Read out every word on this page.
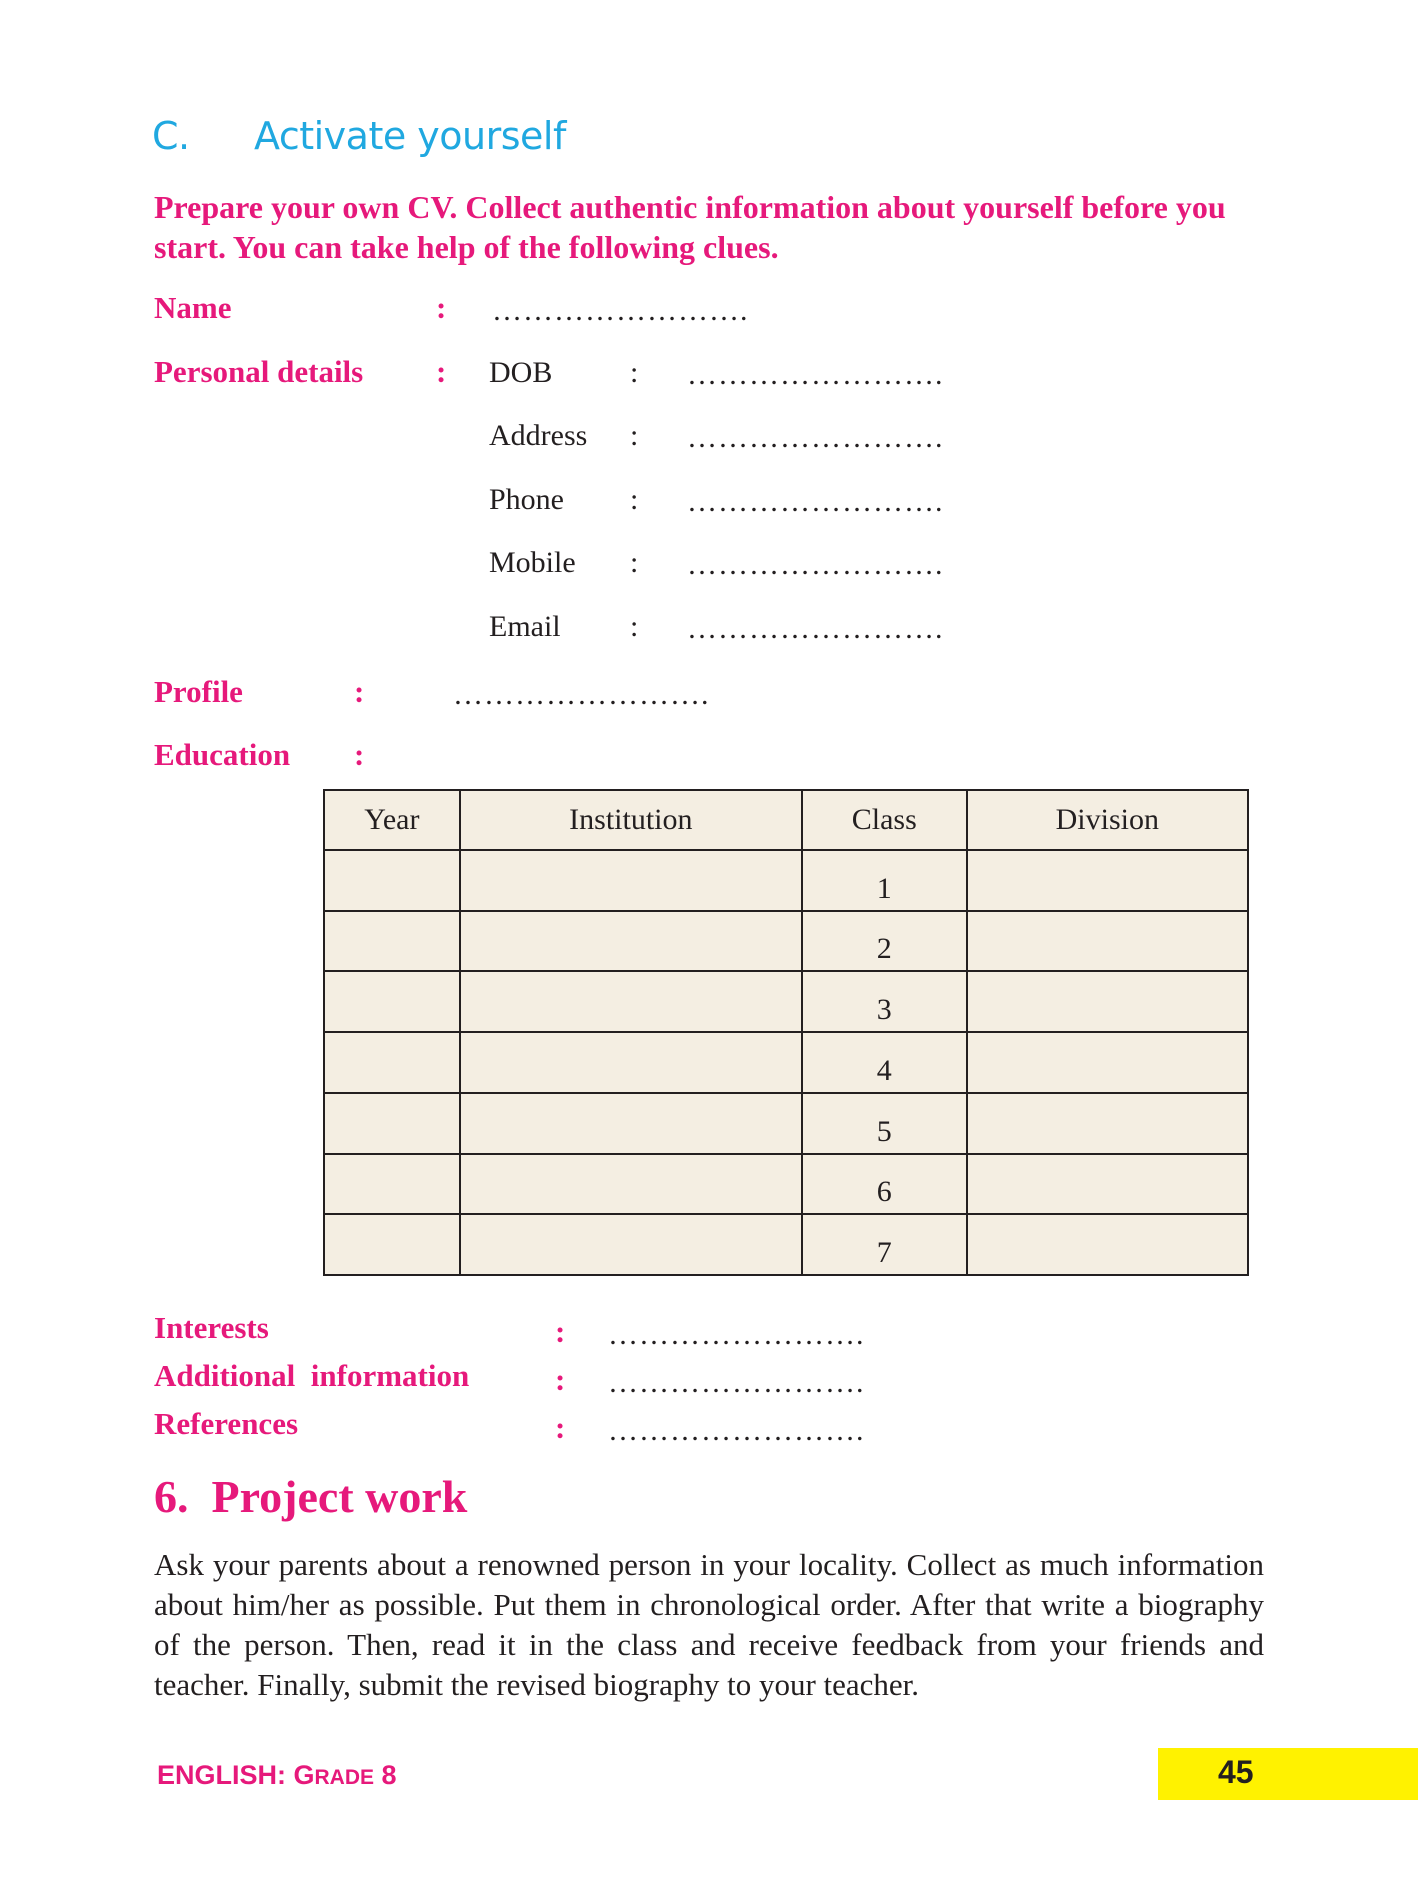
C. Activate yourself
Prepare your own CV. Collect authentic information about yourself before you start. You can take help of the following clues.
Name	: …………………….
Personal details : DOB	: …………………….
Address : …………………….
Phone : …………………….
Mobile : …………………….
Email : …………………….
Profile	:	…………………….
Education :
Year	Institution	Class	Division
		1	
		2	
		3	
		4	
		5	
		6	
		7	
Interests	: …………………….
Additional  information	: …………………….
References	: …………………….
6.  Project work
Ask your parents about a renowned person in your locality. Collect as much information about him/her as possible. Put them in chronological order. After that write a biography of the person. Then, read it in the class and receive feedback from your friends and teacher. Finally, submit the revised biography to your teacher.
ENGLISH: GRADE 8	45
